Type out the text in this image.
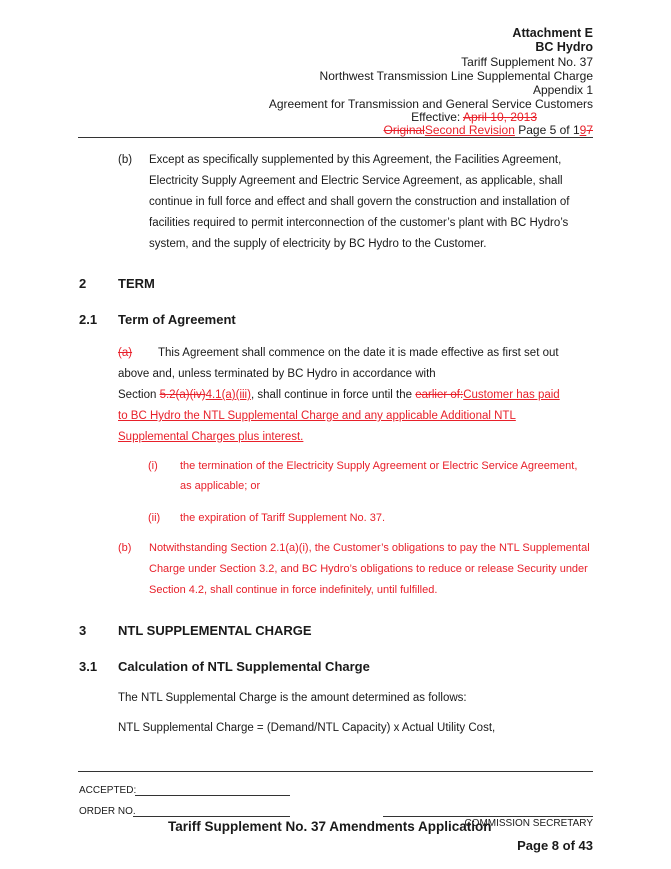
Attachment E
BC Hydro
Tariff Supplement No. 37
Northwest Transmission Line Supplemental Charge
Appendix 1
Agreement for Transmission and General Service Customers
Effective: April 10, 2013
OriginalSecond Revision Page 5 of 197
(b) Except as specifically supplemented by this Agreement, the Facilities Agreement, Electricity Supply Agreement and Electric Service Agreement, as applicable, shall continue in full force and effect and shall govern the construction and installation of facilities required to permit interconnection of the customer’s plant with BC Hydro’s system, and the supply of electricity by BC Hydro to the Customer.
2 TERM
2.1 Term of Agreement
(a) This Agreement shall commence on the date it is made effective as first set out
above and, unless terminated by BC Hydro in accordance with
Section 5.2(a)(iv)4.1(a)(iii), shall continue in force until the earlier of:Customer has paid
to BC Hydro the NTL Supplemental Charge and any applicable Additional NTL
Supplemental Charges plus interest.
(i) the termination of the Electricity Supply Agreement or Electric Service Agreement, as applicable; or
(ii) the expiration of Tariff Supplement No. 37.
(b) Notwithstanding Section 2.1(a)(i), the Customer’s obligations to pay the NTL Supplemental Charge under Section 3.2, and BC Hydro’s obligations to reduce or release Security under Section 4.2, shall continue in force indefinitely, until fulfilled.
3 NTL SUPPLEMENTAL CHARGE
3.1 Calculation of NTL Supplemental Charge
The NTL Supplemental Charge is the amount determined as follows:
NTL Supplemental Charge = (Demand/NTL Capacity) x Actual Utility Cost,
ACCEPTED:
ORDER NO.
COMMISSION SECRETARY
Tariff Supplement No. 37 Amendments Application
Page 8 of 43
